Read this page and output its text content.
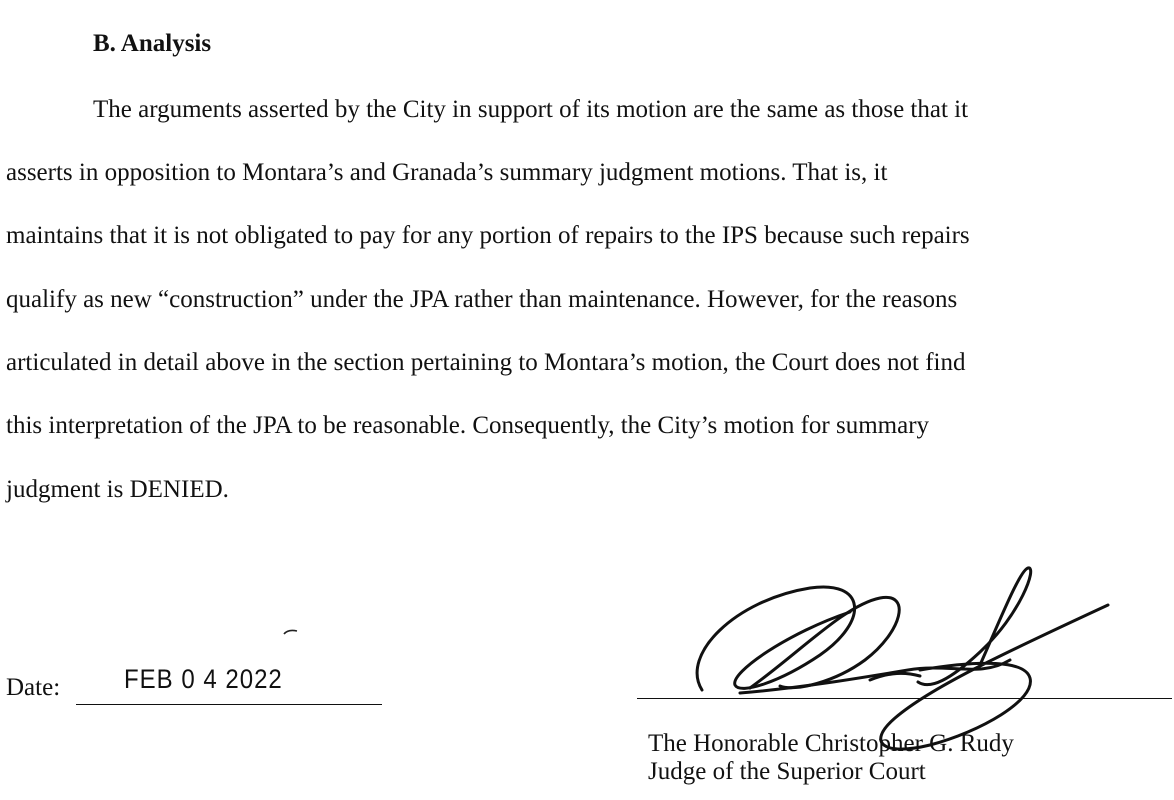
B. Analysis
The arguments asserted by the City in support of its motion are the same as those that it
asserts in opposition to Montara’s and Granada’s summary judgment motions. That is, it
maintains that it is not obligated to pay for any portion of repairs to the IPS because such repairs
qualify as new “construction” under the JPA rather than maintenance. However, for the reasons
articulated in detail above in the section pertaining to Montara’s motion, the Court does not find
this interpretation of the JPA to be reasonable. Consequently, the City’s motion for summary
judgment is DENIED.
Date:	FEB 0 4 2022
The Honorable Christopher G. Rudy
Judge of the Superior Court
